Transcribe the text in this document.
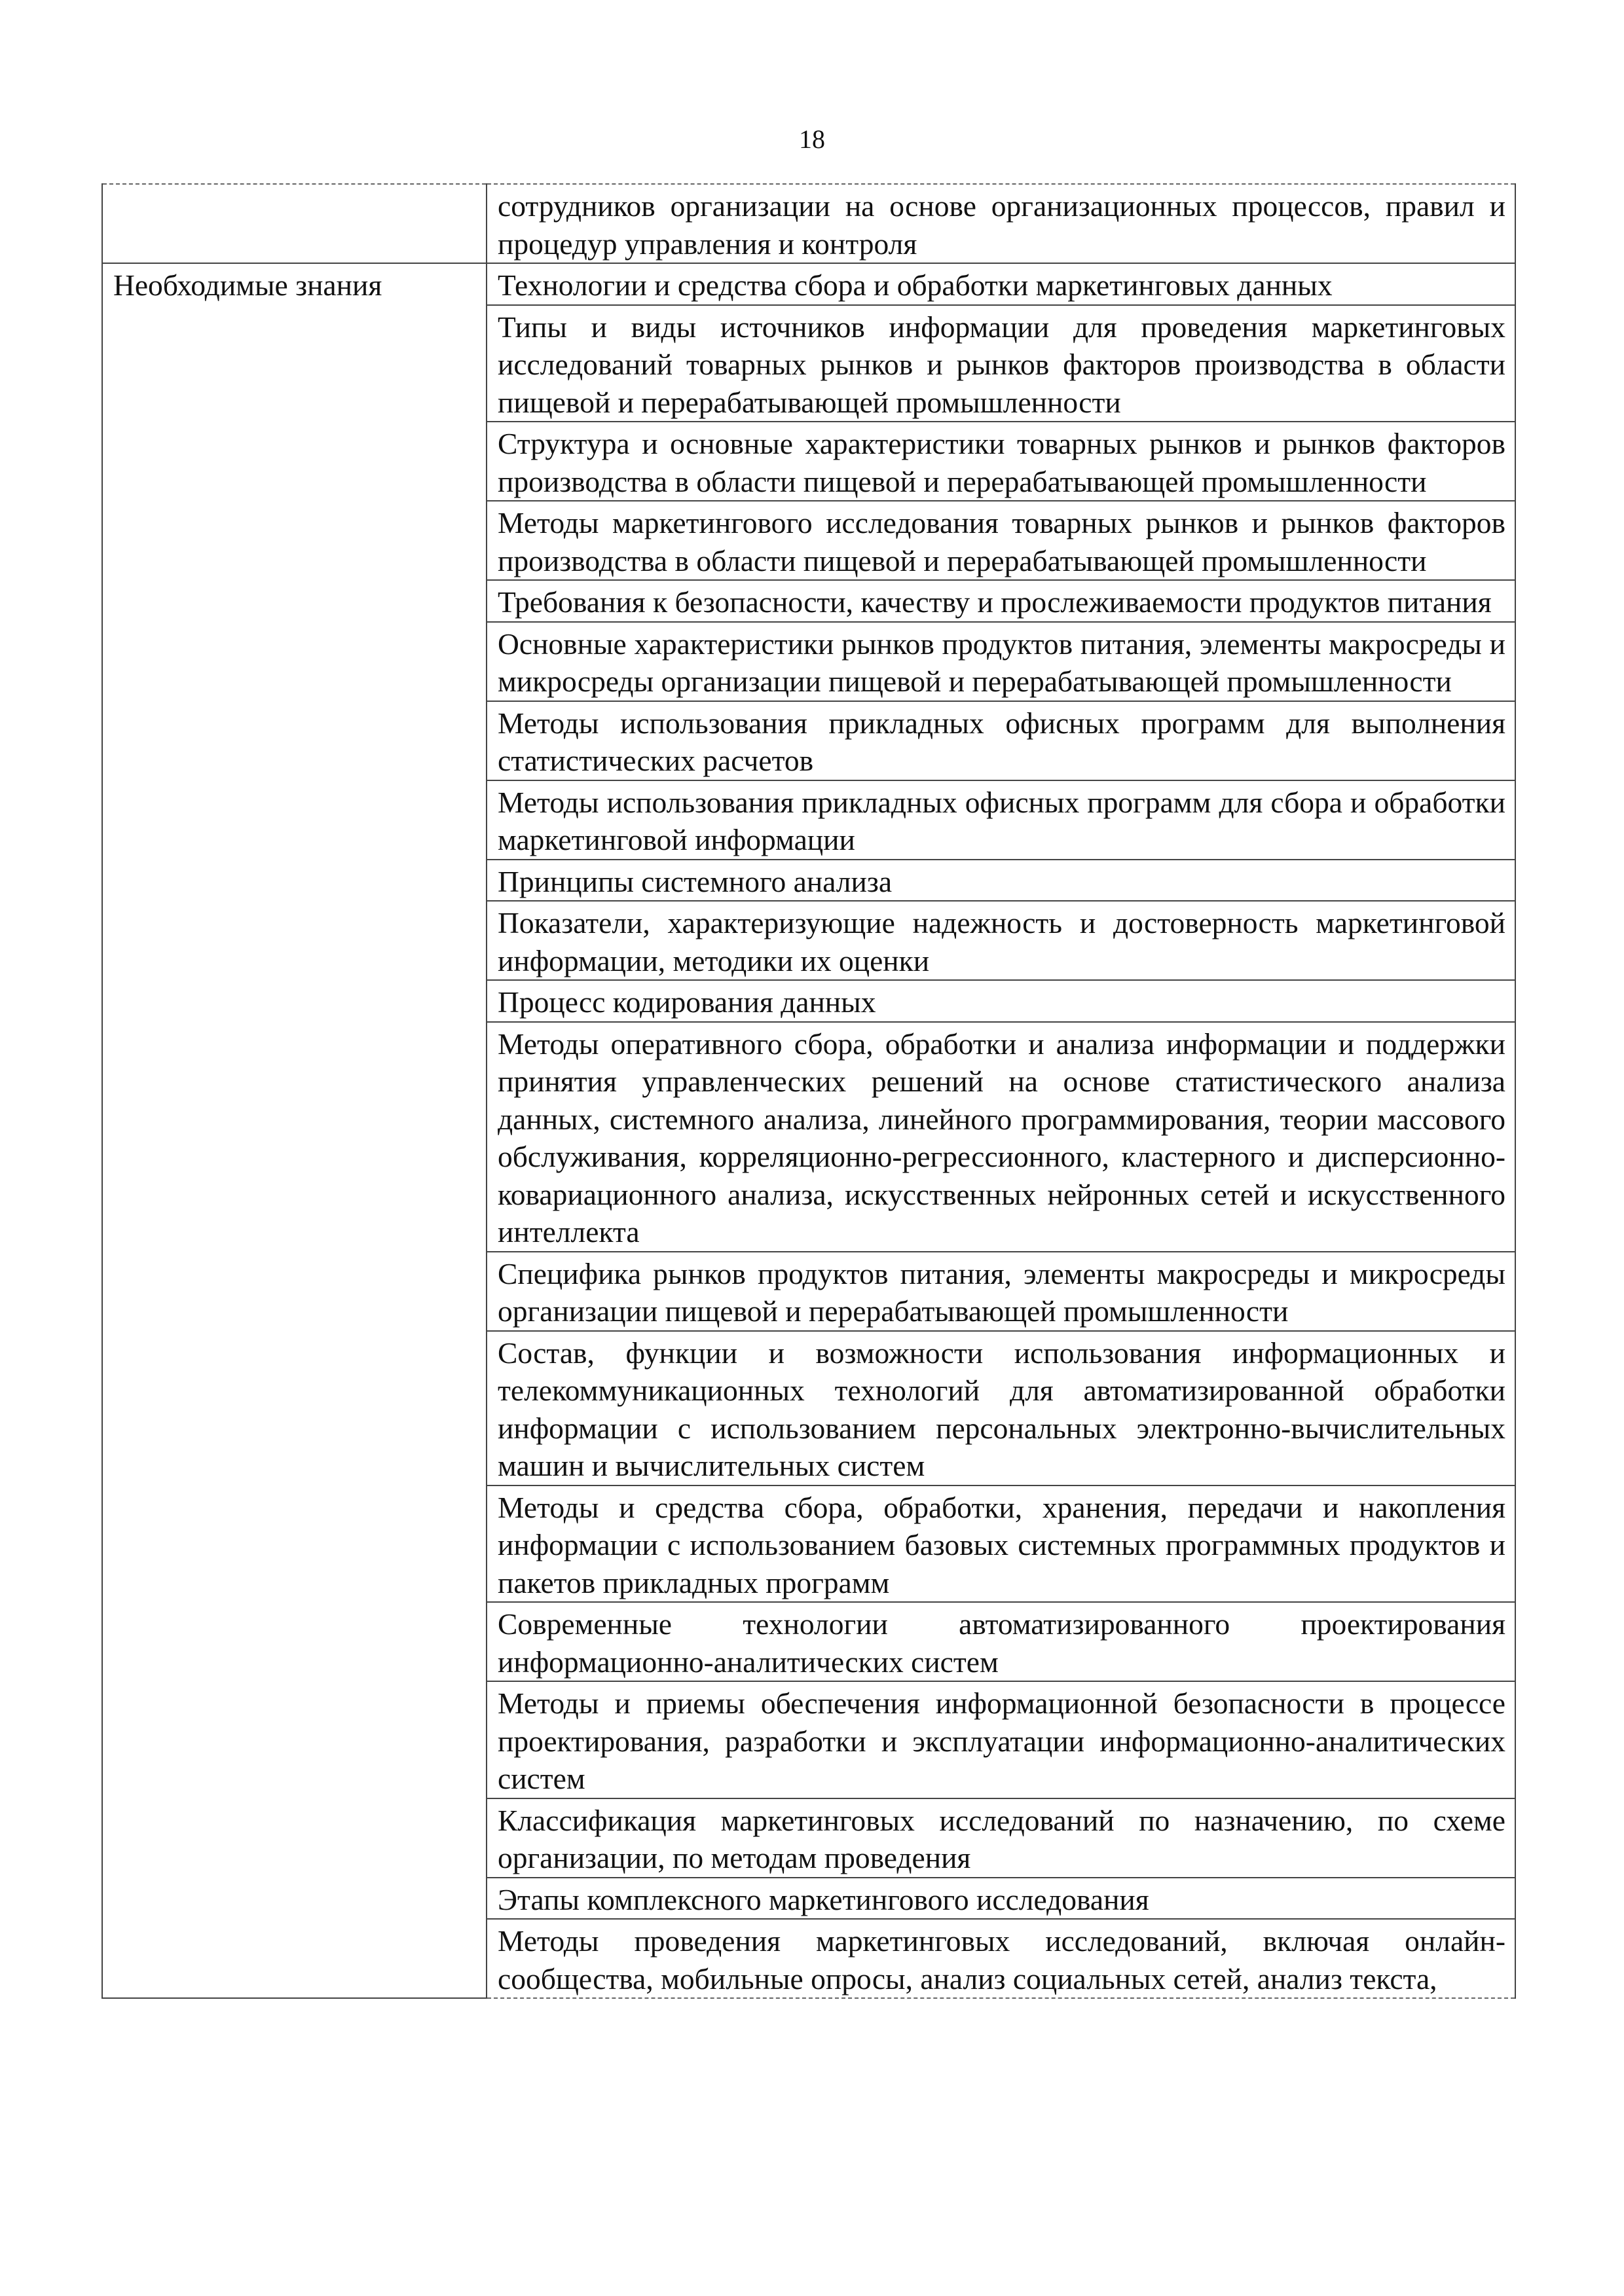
18
	сотрудников организации на основе организационных процессов, правил и процедур управления и контроля
Необходимые знания	Технологии и средства сбора и обработки маркетинговых данных
	Типы и виды источников информации для проведения маркетинговых исследований товарных рынков и рынков факторов производства в области пищевой и перерабатывающей промышленности
	Структура и основные характеристики товарных рынков и рынков факторов производства в области пищевой и перерабатывающей промышленности
	Методы маркетингового исследования товарных рынков и рынков факторов производства в области пищевой и перерабатывающей промышленности
	Требования к безопасности, качеству и прослеживаемости продуктов питания
	Основные характеристики рынков продуктов питания, элементы макросреды и микросреды организации пищевой и перерабатывающей промышленности
	Методы использования прикладных офисных программ для выполнения статистических расчетов
	Методы использования прикладных офисных программ для сбора и обработки маркетинговой информации
	Принципы системного анализа
	Показатели, характеризующие надежность и достоверность маркетинговой информации, методики их оценки
	Процесс кодирования данных
	Методы оперативного сбора, обработки и анализа информации и поддержки принятия управленческих решений на основе статистического анализа данных, системного анализа, линейного программирования, теории массового обслуживания, корреляционно-регрессионного, кластерного и дисперсионно-ковариационного анализа, искусственных нейронных сетей и искусственного интеллекта
	Специфика рынков продуктов питания, элементы макросреды и микросреды организации пищевой и перерабатывающей промышленности
	Состав, функции и возможности использования информационных и телекоммуникационных технологий для автоматизированной обработки информации с использованием персональных электронно-вычислительных машин и вычислительных систем
	Методы и средства сбора, обработки, хранения, передачи и накопления информации с использованием базовых системных программных продуктов и пакетов прикладных программ
	Современные технологии автоматизированного проектирования информационно-аналитических систем
	Методы и приемы обеспечения информационной безопасности в процессе проектирования, разработки и эксплуатации информационно-аналитических систем
	Классификация маркетинговых исследований по назначению, по схеме организации, по методам проведения
	Этапы комплексного маркетингового исследования
	Методы проведения маркетинговых исследований, включая онлайн-сообщества, мобильные опросы, анализ социальных сетей, анализ текста,
